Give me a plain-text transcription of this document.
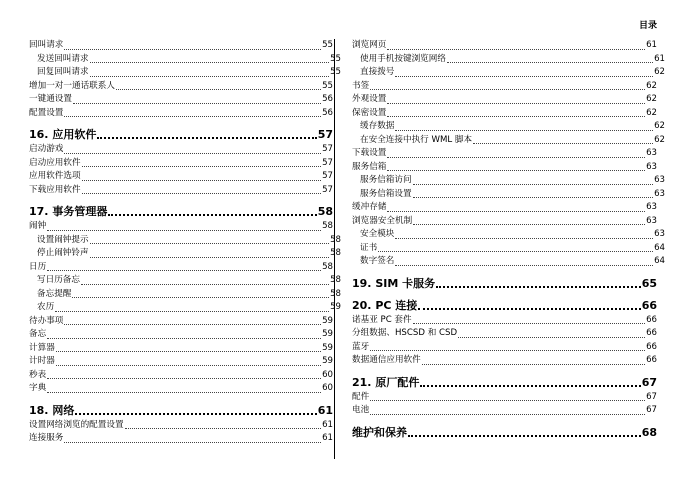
目录
回叫请求	55
发送回叫请求	55
回复回叫请求	55
增加一对一通话联系人	55
一键通设置	56
配置设置	56
16. 应用软件	57
启动游戏	57
启动应用软件	57
应用软件选项	57
下载应用软件	57
17. 事务管理器	58
闹钟	58
设置闹钟提示	58
停止闹钟铃声	58
日历	58
写日历备忘	58
备忘提醒	58
农历	59
待办事项	59
备忘	59
计算器	59
计时器	59
秒表	60
字典	60
18. 网络	61
设置网络浏览的配置设置	61
连接服务	61
浏览网页	61
使用手机按键浏览网络	61
直接拨号	62
书签	62
外观设置	62
保密设置	62
缓存数据	62
在安全连接中执行 WML 脚本	62
下载设置	63
服务信箱	63
服务信箱访问	63
服务信箱设置	63
缓冲存储	63
浏览器安全机制	63
安全模块	63
证书	64
数字签名	64
19. SIM 卡服务	65
20. PC 连接	66
诺基亚 PC 套件	66
分组数据、HSCSD 和 CSD	66
蓝牙	66
数据通信应用软件	66
21. 原厂配件	67
配件	67
电池	67
维护和保养	68
